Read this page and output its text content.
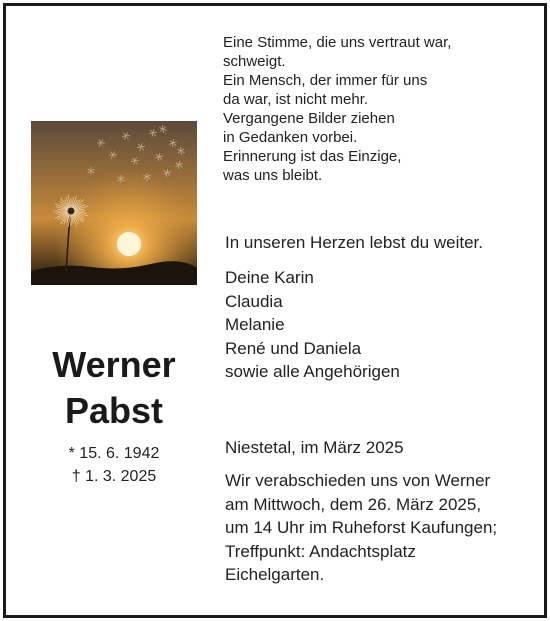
Eine Stimme, die uns vertraut war,
schweigt.
Ein Mensch, der immer für uns
da war, ist nicht mehr.
Vergangene Bilder ziehen
in Gedanken vorbei.
Erinnerung ist das Einzige,
was uns bleibt.
Werner
Pabst
* 15. 6. 1942
† 1. 3. 2025
In unseren Herzen lebst du weiter.
Deine Karin
Claudia
Melanie
René und Daniela
sowie alle Angehörigen
Niestetal, im März 2025
Wir verabschieden uns von Werner
am Mittwoch, dem 26. März 2025,
um 14 Uhr im Ruheforst Kaufungen;
Treffpunkt: Andachtsplatz
Eichelgarten.
